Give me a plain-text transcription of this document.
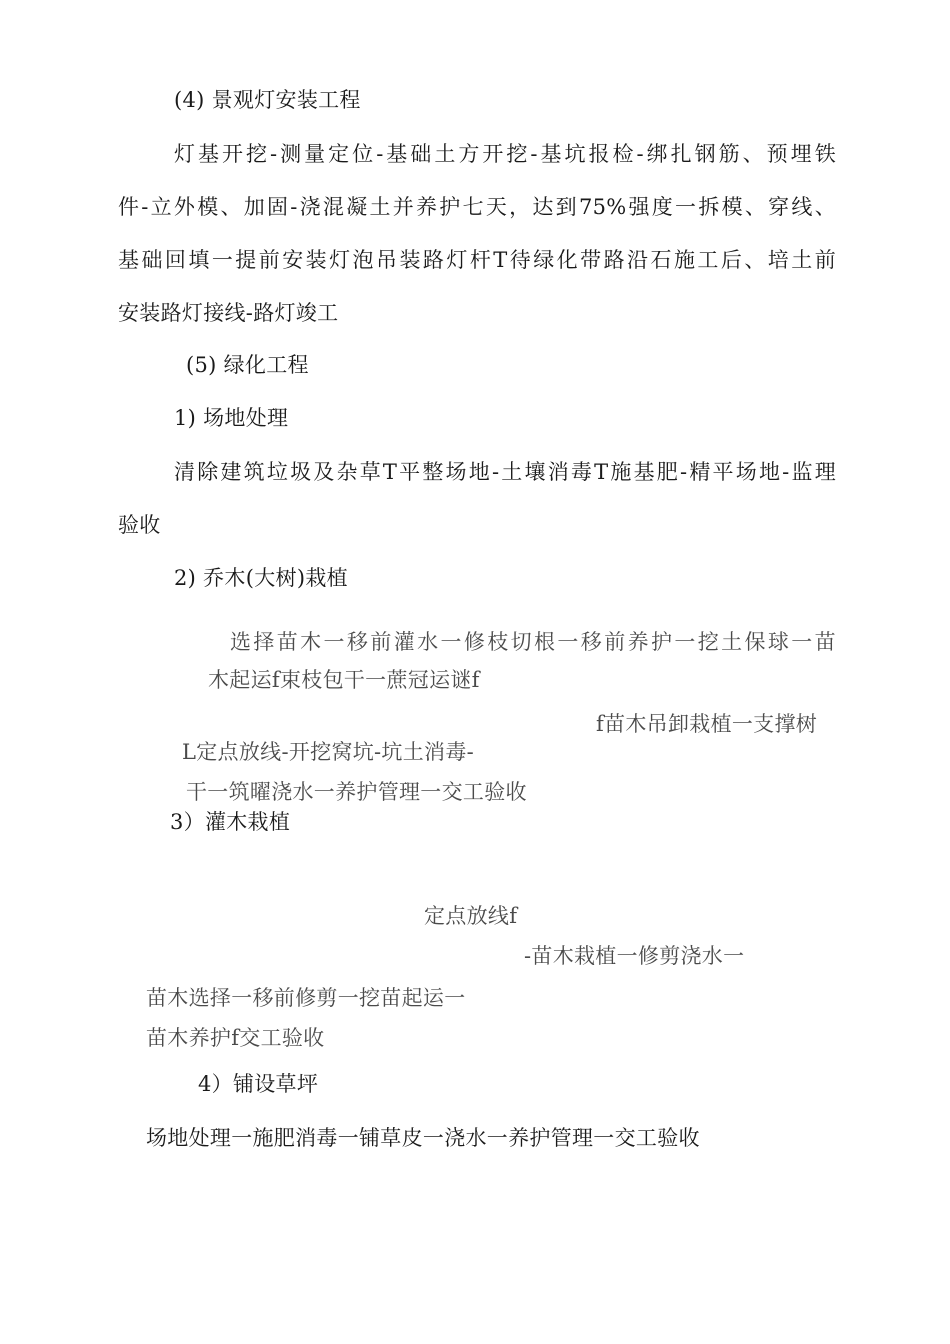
(4) 景观灯安装工程
灯基开挖-测量定位-基础土方开挖-基坑报检-绑扎钢筋、预埋铁
件-立外模、加固-浇混凝土并养护七天，达到75%强度一拆模、穿线、
基础回填一提前安装灯泡吊装路灯杆T待绿化带路沿石施工后、培土前
安装路灯接线-路灯竣工
(5) 绿化工程
1) 场地处理
清除建筑垃圾及杂草T平整场地-土壤消毒T施基肥-精平场地-监理
验收
2) 乔木(大树)栽植
选择苗木一移前灌水一修枝切根一移前养护一挖土保球一苗
木起运f束枝包干一蔗冠运谜f
f苗木吊卸栽植一支撑树
L定点放线-开挖窝坑-坑土消毒-
干一筑曜浇水一养护管理一交工验收
3）灌木栽植
定点放线f
-苗木栽植一修剪浇水一
苗木选择一移前修剪一挖苗起运一
苗木养护f交工验收
4）铺设草坪
场地处理一施肥消毒一铺草皮一浇水一养护管理一交工验收
